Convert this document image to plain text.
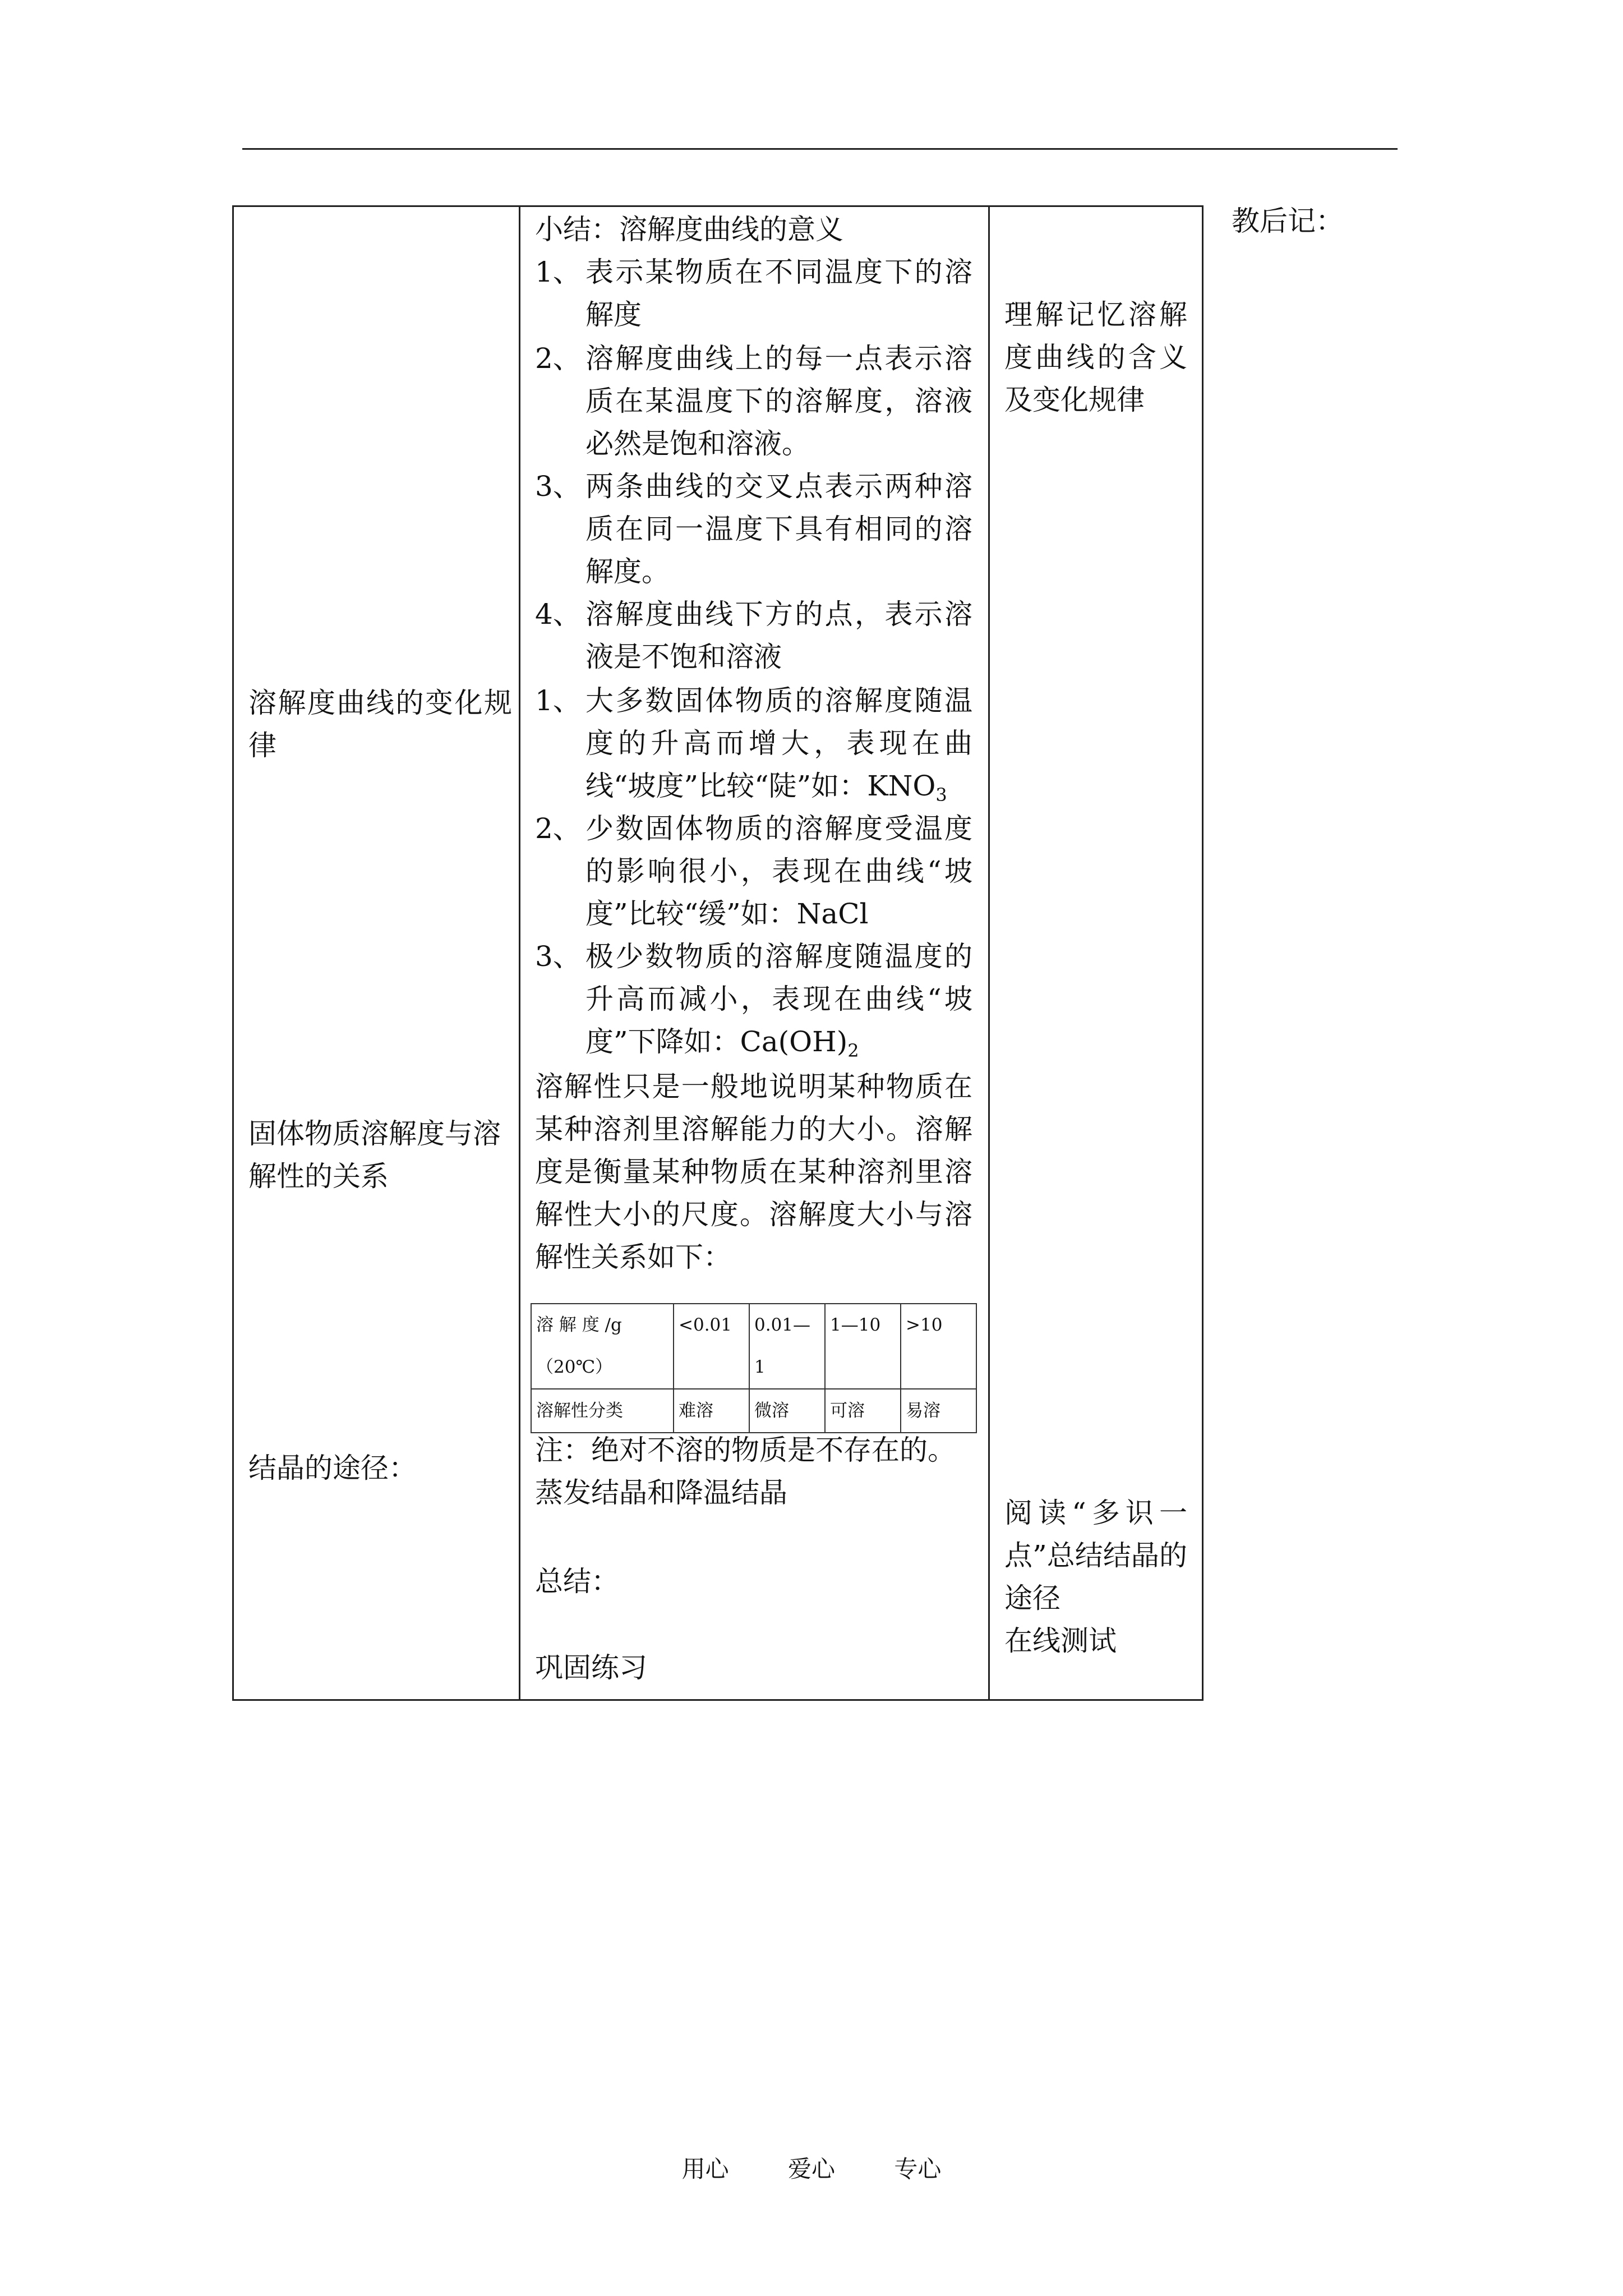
溶解度曲线的变化规律
固体物质溶解度与溶解性的关系
结晶的途径：

小结：溶解度曲线的意义
1、 表示某物质在不同温度下的溶解度
2、 溶解度曲线上的每一点表示溶质在某温度下的溶解度，溶液必然是饱和溶液。
3、 两条曲线的交叉点表示两种溶质在同一温度下具有相同的溶解度。
4、 溶解度曲线下方的点，表示溶液是不饱和溶液
1、 大多数固体物质的溶解度随温度的升高而增大，表现在曲线“坡度”比较“陡”如：$KNO_3$
2、 少数固体物质的溶解度受温度的影响很小，表现在曲线“坡度”比较“缓”如：NaCl
3、 极少数物质的溶解度随温度的升高而减小，表现在曲线“坡度”下降如：$Ca(OH)_2$
溶解性只是一般地说明某种物质在某种溶剂里溶解能力的大小。溶解度是衡量某种物质在某种溶剂里溶解性大小的尺度。溶解度大小与溶解性关系如下：
溶 解 度 /g （20℃）	<0.01	0.01—1	1—10	>10
溶解性分类	难溶	微溶	可溶	易溶
注：绝对不溶的物质是不存在的。
蒸发结晶和降温结晶
总结：
巩固练习

理解记忆溶解度曲线的含义及变化规律
阅读“多识一点”总结结晶的途径
在线测试
教后记：
用心	爱心	专心
